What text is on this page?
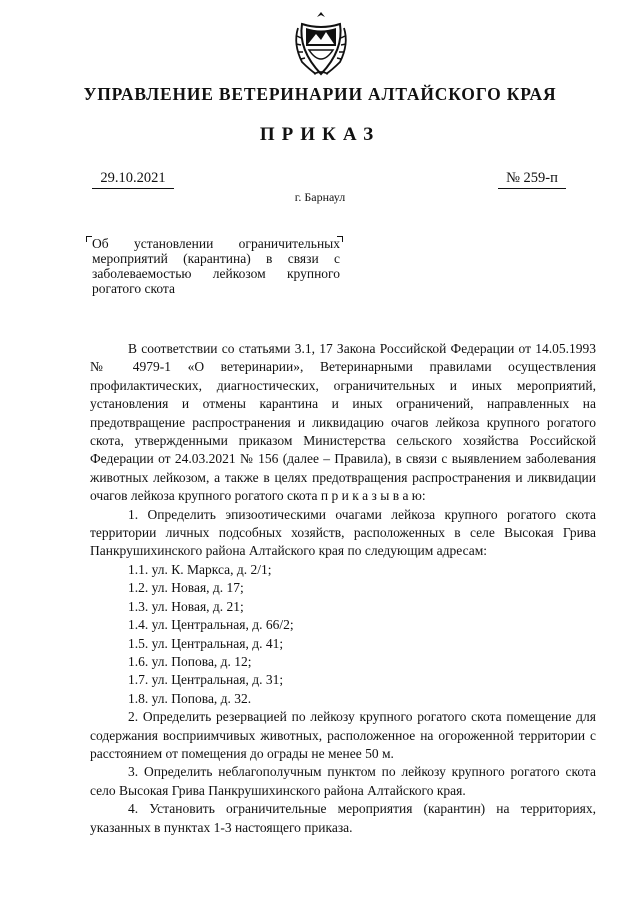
УПРАВЛЕНИЕ ВЕТЕРИНАРИИ АЛТАЙСКОГО КРАЯ
ПРИКАЗ
29.10.2021	№ 259-п
г. Барнаул
Об установлении ограничительных мероприятий (карантина) в связи с заболеваемостью лейкозом крупного рогатого скота

В соответствии со статьями 3.1, 17 Закона Российской Федерации от 14.05.1993 № 4979-1 «О ветеринарии», Ветеринарными правилами осуществления профилактических, диагностических, ограничительных и иных мероприятий, установления и отмены карантина и иных ограничений, направленных на предотвращение распространения и ликвидацию очагов лейкоза крупного рогатого скота, утвержденными приказом Министерства сельского хозяйства Российской Федерации от 24.03.2021 № 156 (далее – Правила), в связи с выявлением заболевания животных лейкозом, а также в целях предотвращения распространения и ликвидации очагов лейкоза крупного рогатого скота п р и к а з ы в а ю:

1. Определить эпизоотическими очагами лейкоза крупного рогатого скота территории личных подсобных хозяйств, расположенных в селе Высокая Грива Панкрушихинского района Алтайского края по следующим адресам:

1.1. ул. К. Маркса, д. 2/1;
1.2. ул. Новая, д. 17;
1.3. ул. Новая, д. 21;
1.4. ул. Центральная, д. 66/2;
1.5. ул. Центральная, д. 41;
1.6. ул. Попова, д. 12;
1.7. ул. Центральная, д. 31;
1.8. ул. Попова, д. 32.

2. Определить резервацией по лейкозу крупного рогатого скота помещение для содержания восприимчивых животных, расположенное на огороженной территории с расстоянием от помещения до ограды не менее 50 м.

3. Определить неблагополучным пунктом по лейкозу крупного рогатого скота село Высокая Грива Панкрушихинского района Алтайского края.

4. Установить ограничительные мероприятия (карантин) на территориях, указанных в пунктах 1-3 настоящего приказа.
